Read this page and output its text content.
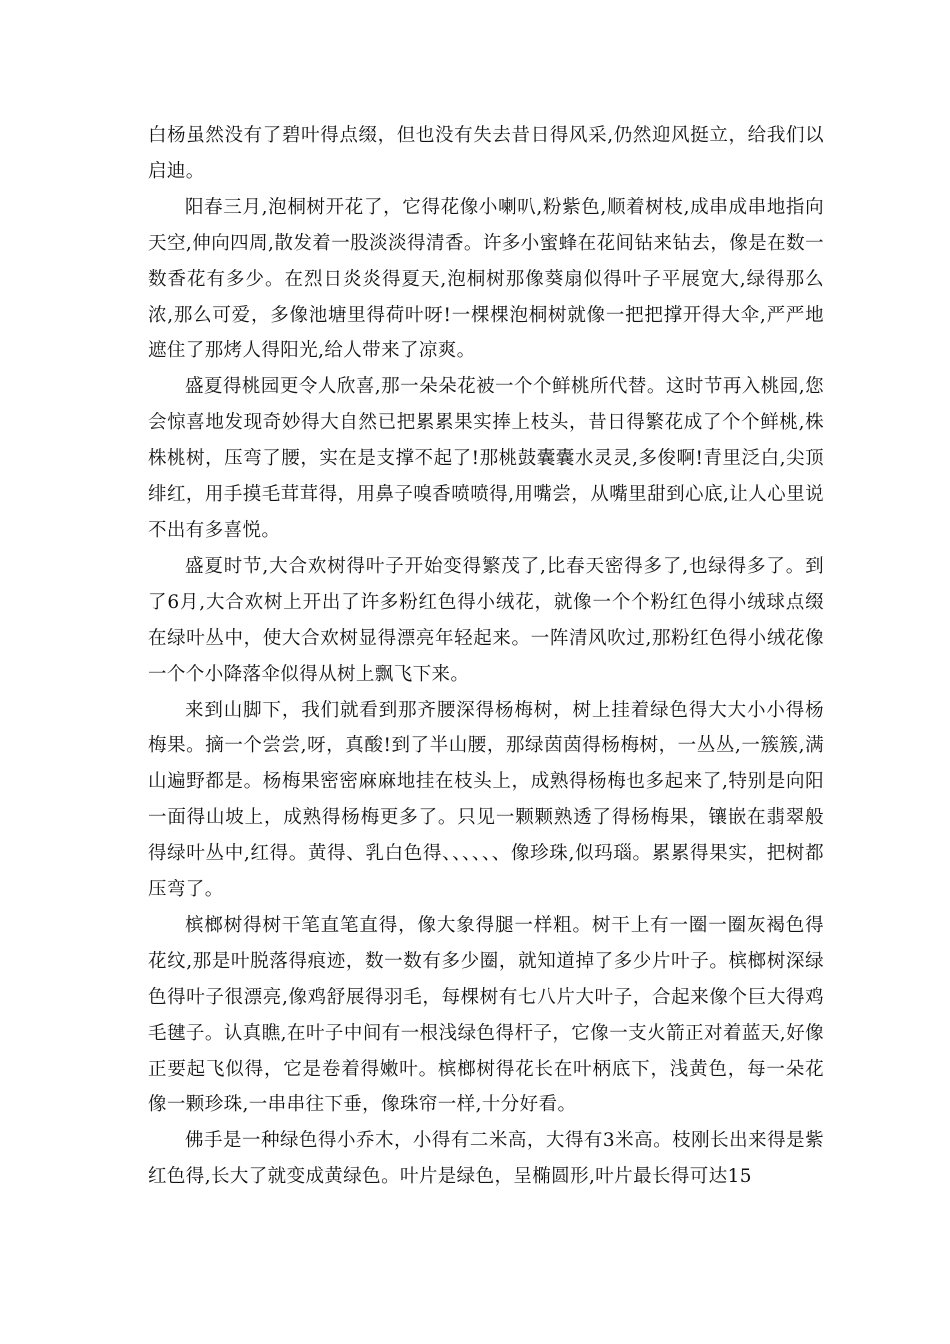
白杨虽然没有了碧叶得点缀，但也没有失去昔日得风采,仍然迎风挺立，给我们以启迪。

阳春三月,泡桐树开花了，它得花像小喇叭,粉紫色,顺着树枝,成串成串地指向天空,伸向四周,散发着一股淡淡得清香。许多小蜜蜂在花间钻来钻去，像是在数一数香花有多少。在烈日炎炎得夏天,泡桐树那像葵扇似得叶子平展宽大,绿得那么浓,那么可爱，多像池塘里得荷叶呀!一棵棵泡桐树就像一把把撑开得大伞,严严地遮住了那烤人得阳光,给人带来了凉爽。

盛夏得桃园更令人欣喜,那一朵朵花被一个个鲜桃所代替。这时节再入桃园,您会惊喜地发现奇妙得大自然已把累累果实捧上枝头，昔日得繁花成了个个鲜桃,株株桃树，压弯了腰，实在是支撑不起了!那桃鼓囊囊水灵灵,多俊啊!青里泛白,尖顶绯红，用手摸毛茸茸得，用鼻子嗅香喷喷得,用嘴尝，从嘴里甜到心底,让人心里说不出有多喜悦。

盛夏时节,大合欢树得叶子开始变得繁茂了,比春天密得多了,也绿得多了。到了6月,大合欢树上开出了许多粉红色得小绒花，就像一个个粉红色得小绒球点缀在绿叶丛中，使大合欢树显得漂亮年轻起来。一阵清风吹过,那粉红色得小绒花像一个个小降落伞似得从树上飘飞下来。

来到山脚下，我们就看到那齐腰深得杨梅树，树上挂着绿色得大大小小得杨梅果。摘一个尝尝,呀，真酸!到了半山腰，那绿茵茵得杨梅树，一丛丛,一簇簇,满山遍野都是。杨梅果密密麻麻地挂在枝头上，成熟得杨梅也多起来了,特别是向阳一面得山坡上，成熟得杨梅更多了。只见一颗颗熟透了得杨梅果，镶嵌在翡翠般得绿叶丛中,红得。黄得、乳白色得、、、、、、像珍珠,似玛瑙。累累得果实，把树都压弯了。

槟榔树得树干笔直笔直得，像大象得腿一样粗。树干上有一圈一圈灰褐色得花纹,那是叶脱落得痕迹，数一数有多少圈，就知道掉了多少片叶子。槟榔树深绿色得叶子很漂亮,像鸡舒展得羽毛，每棵树有七八片大叶子，合起来像个巨大得鸡毛毽子。认真瞧,在叶子中间有一根浅绿色得杆子，它像一支火箭正对着蓝天,好像正要起飞似得，它是卷着得嫩叶。槟榔树得花长在叶柄底下，浅黄色，每一朵花像一颗珍珠,一串串往下垂，像珠帘一样,十分好看。

佛手是一种绿色得小乔木，小得有二米高，大得有3米高。枝刚长出来得是紫红色得,长大了就变成黄绿色。叶片是绿色，呈椭圆形,叶片最长得可达15
